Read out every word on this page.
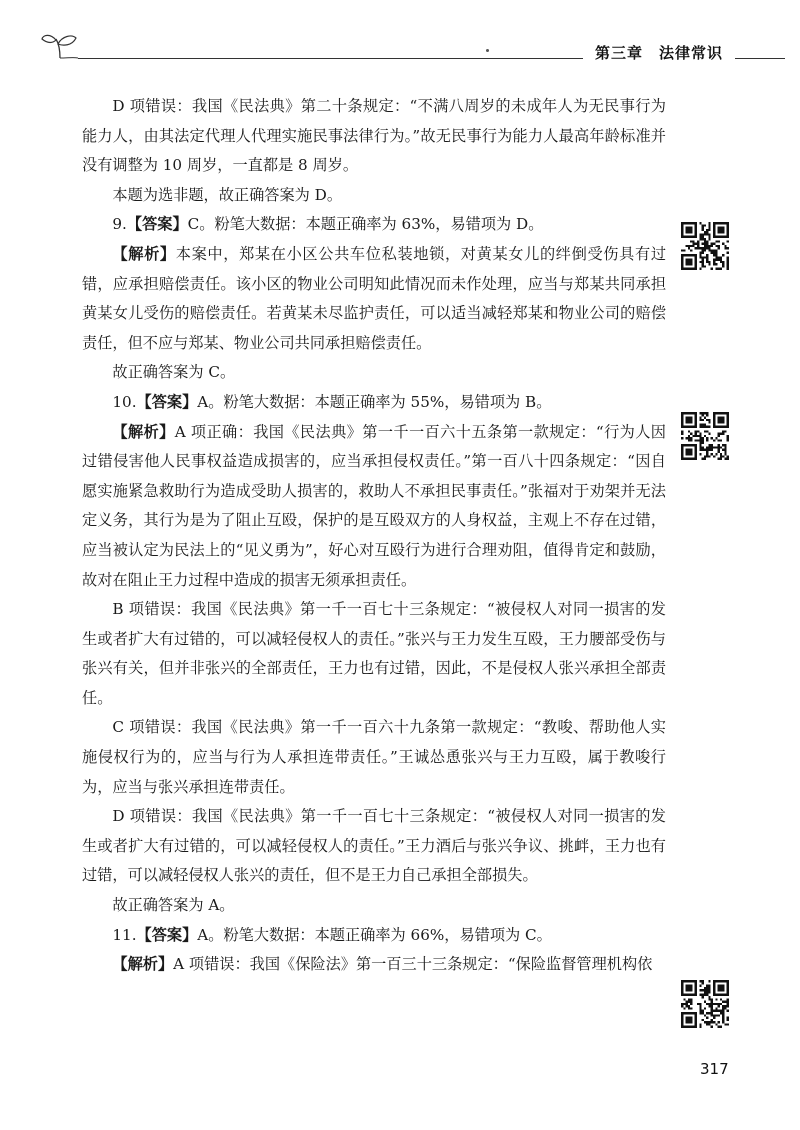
第三章 法律常识

D 项错误：我国《民法典》第二十条规定：“不满八周岁的未成年人为无民事行为能力人，由其法定代理人代理实施民事法律行为。”故无民事行为能力人最高年龄标准并没有调整为 10 周岁，一直都是 8 周岁。

本题为选非题，故正确答案为 D。

9.【答案】C。粉笔大数据：本题正确率为 63%，易错项为 D。

【解析】本案中，郑某在小区公共车位私装地锁，对黄某女儿的绊倒受伤具有过错，应承担赔偿责任。该小区的物业公司明知此情况而未作处理，应当与郑某共同承担黄某女儿受伤的赔偿责任。若黄某未尽监护责任，可以适当减轻郑某和物业公司的赔偿责任，但不应与郑某、物业公司共同承担赔偿责任。

故正确答案为 C。

10.【答案】A。粉笔大数据：本题正确率为 55%，易错项为 B。

【解析】A 项正确：我国《民法典》第一千一百六十五条第一款规定：“行为人因过错侵害他人民事权益造成损害的，应当承担侵权责任。”第一百八十四条规定：“因自愿实施紧急救助行为造成受助人损害的，救助人不承担民事责任。”张福对于劝架并无法定义务，其行为是为了阻止互殴，保护的是互殴双方的人身权益，主观上不存在过错，应当被认定为民法上的“见义勇为”，好心对互殴行为进行合理劝阻，值得肯定和鼓励，故对在阻止王力过程中造成的损害无须承担责任。

B 项错误：我国《民法典》第一千一百七十三条规定：“被侵权人对同一损害的发生或者扩大有过错的，可以减轻侵权人的责任。”张兴与王力发生互殴，王力腰部受伤与张兴有关，但并非张兴的全部责任，王力也有过错，因此，不是侵权人张兴承担全部责任。

C 项错误：我国《民法典》第一千一百六十九条第一款规定：“教唆、帮助他人实施侵权行为的，应当与行为人承担连带责任。”王诚怂恿张兴与王力互殴，属于教唆行为，应当与张兴承担连带责任。

D 项错误：我国《民法典》第一千一百七十三条规定：“被侵权人对同一损害的发生或者扩大有过错的，可以减轻侵权人的责任。”王力酒后与张兴争议、挑衅，王力也有过错，可以减轻侵权人张兴的责任，但不是王力自己承担全部损失。

故正确答案为 A。

11.【答案】A。粉笔大数据：本题正确率为 66%，易错项为 C。

【解析】A 项错误：我国《保险法》第一百三十三条规定：“保险监督管理机构依

317
